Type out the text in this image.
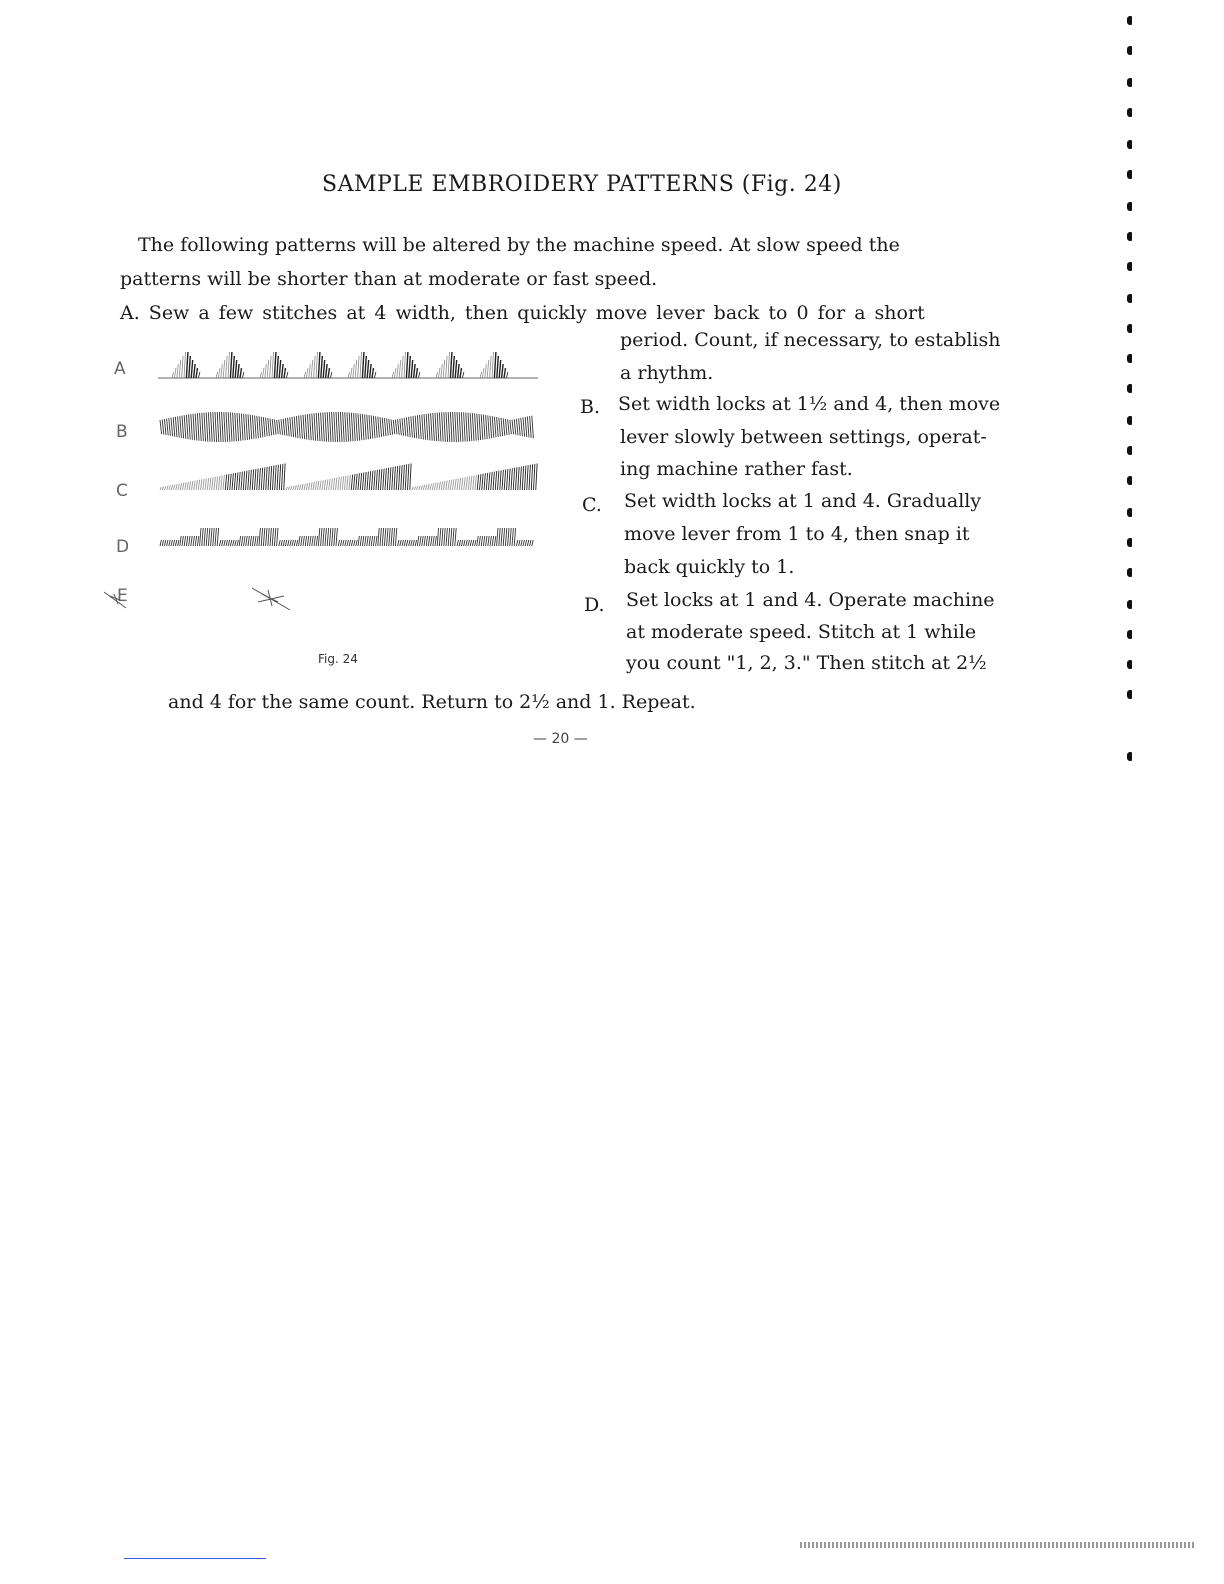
SAMPLE EMBROIDERY PATTERNS (Fig. 24)
The following patterns will be altered by the machine speed. At slow speed the
patterns will be shorter than at moderate or fast speed.
A. Sew a few stitches at 4 width, then quickly move lever back to 0 for a short
period. Count, if necessary, to establish
a rhythm.
B. Set width locks at 1½ and 4, then move
lever slowly between settings, operat-
ing machine rather fast.
C. Set width locks at 1 and 4. Gradually
move lever from 1 to 4, then snap it
back quickly to 1.
D. Set locks at 1 and 4. Operate machine
at moderate speed. Stitch at 1 while
you count "1, 2, 3." Then stitch at 2½
and 4 for the same count. Return to 2½ and 1. Repeat.
A
B
C
D
E
Fig. 24
— 20 —
